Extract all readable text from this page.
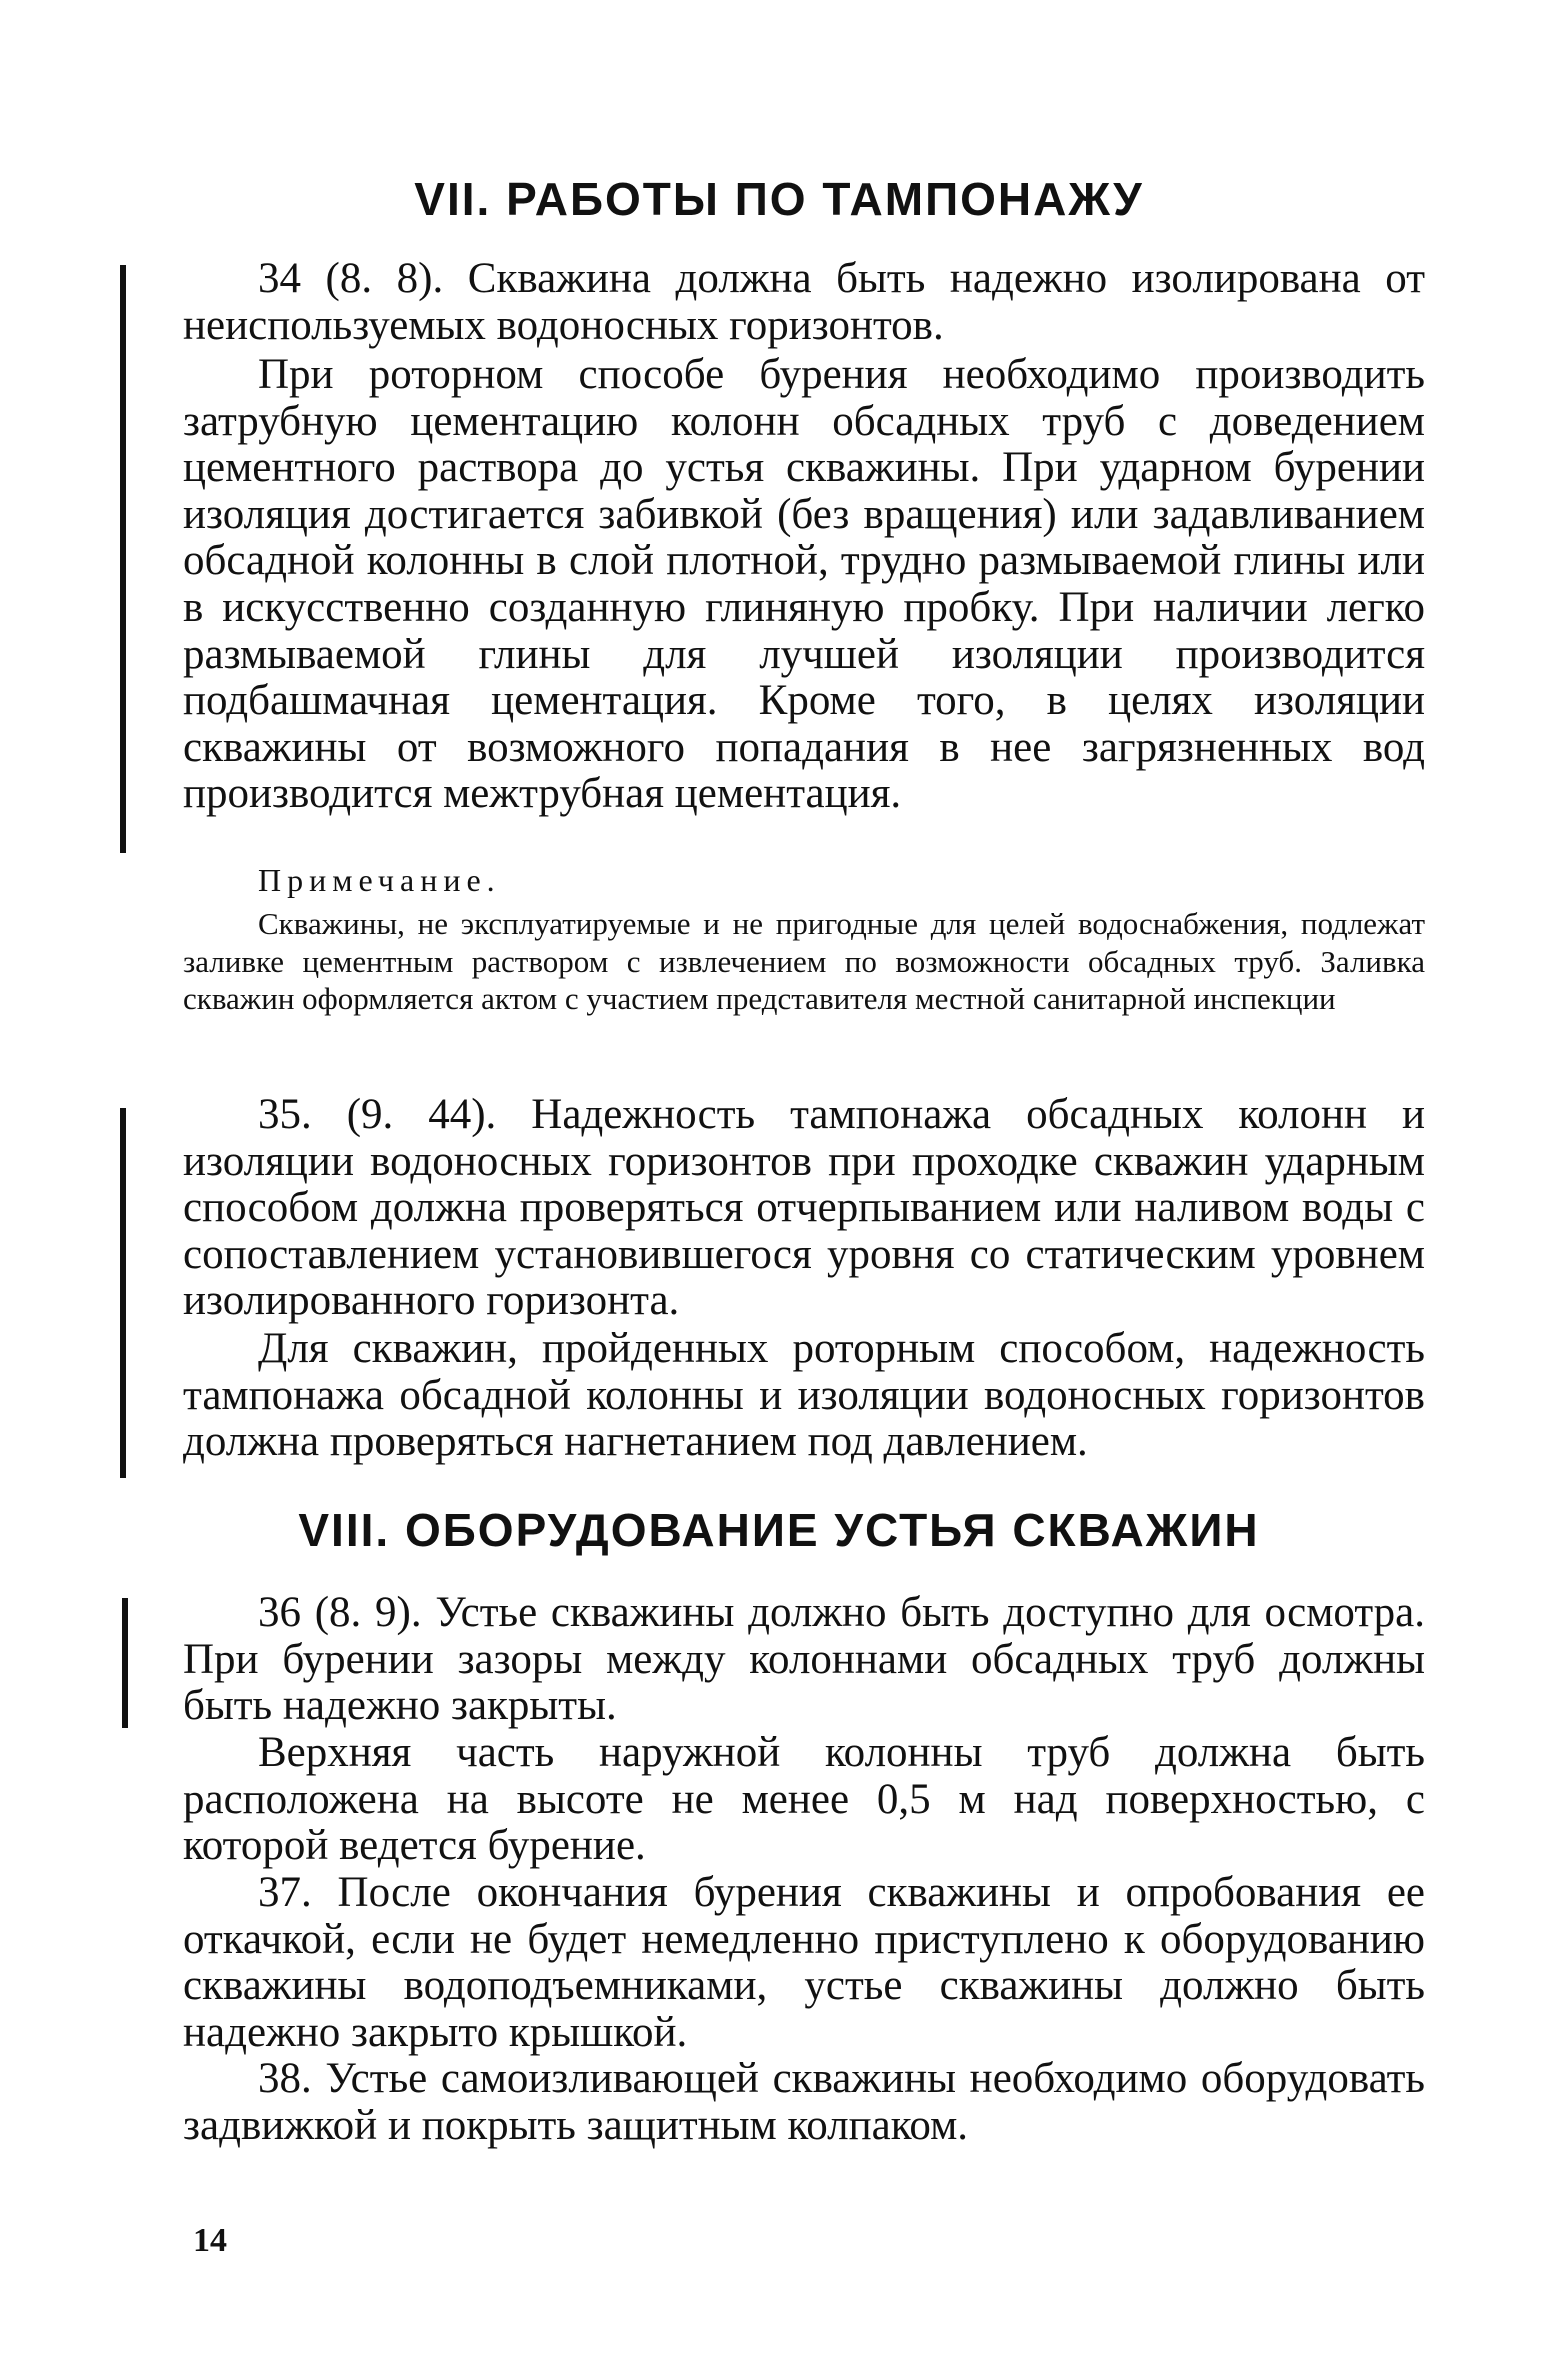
VII. РАБОТЫ ПО ТАМПОНАЖУ

34 (8. 8). Скважина должна быть надежно изолирована от неиспользуемых водоносных горизонтов.

При роторном способе бурения необходимо производить затрубную цементацию колонн обсадных труб с доведением цементного раствора до устья скважины. При ударном бурении изоляция достигается забивкой (без вращения) или задавливанием обсадной колонны в слой плотной, трудно размываемой глины или в искусственно созданную глиняную пробку. При наличии легко размываемой глины для лучшей изоляции производится подбашмачная цементация. Кроме того, в целях изоляции скважины от возможного попадания в нее загрязненных вод производится межтрубная цементация.

Примечание.

Скважины, не эксплуатируемые и не пригодные для целей водоснабжения, подлежат заливке цементным раствором с извлечением по возможности обсадных труб. Заливка скважин оформляется актом с участием представителя местной санитарной инспекции

35. (9. 44). Надежность тампонажа обсадных колонн и изоляции водоносных горизонтов при проходке скважин ударным способом должна проверяться отчерпыванием или наливом воды с сопоставлением установившегося уровня со статическим уровнем изолированного горизонта.

Для скважин, пройденных роторным способом, надежность тампонажа обсадной колонны и изоляции водоносных горизонтов должна проверяться нагнетанием под давлением.

VIII. ОБОРУДОВАНИЕ УСТЬЯ СКВАЖИН

36 (8. 9). Устье скважины должно быть доступно для осмотра. При бурении зазоры между колоннами обсадных труб должны быть надежно закрыты.

Верхняя часть наружной колонны труб должна быть расположена на высоте не менее 0,5 м над поверхностью, с которой ведется бурение.

37. После окончания бурения скважины и опробования ее откачкой, если не будет немедленно приступлено к оборудованию скважины водоподъемниками, устье скважины должно быть надежно закрыто крышкой.

38. Устье самоизливающей скважины необходимо оборудовать задвижкой и покрыть защитным колпаком.

14
